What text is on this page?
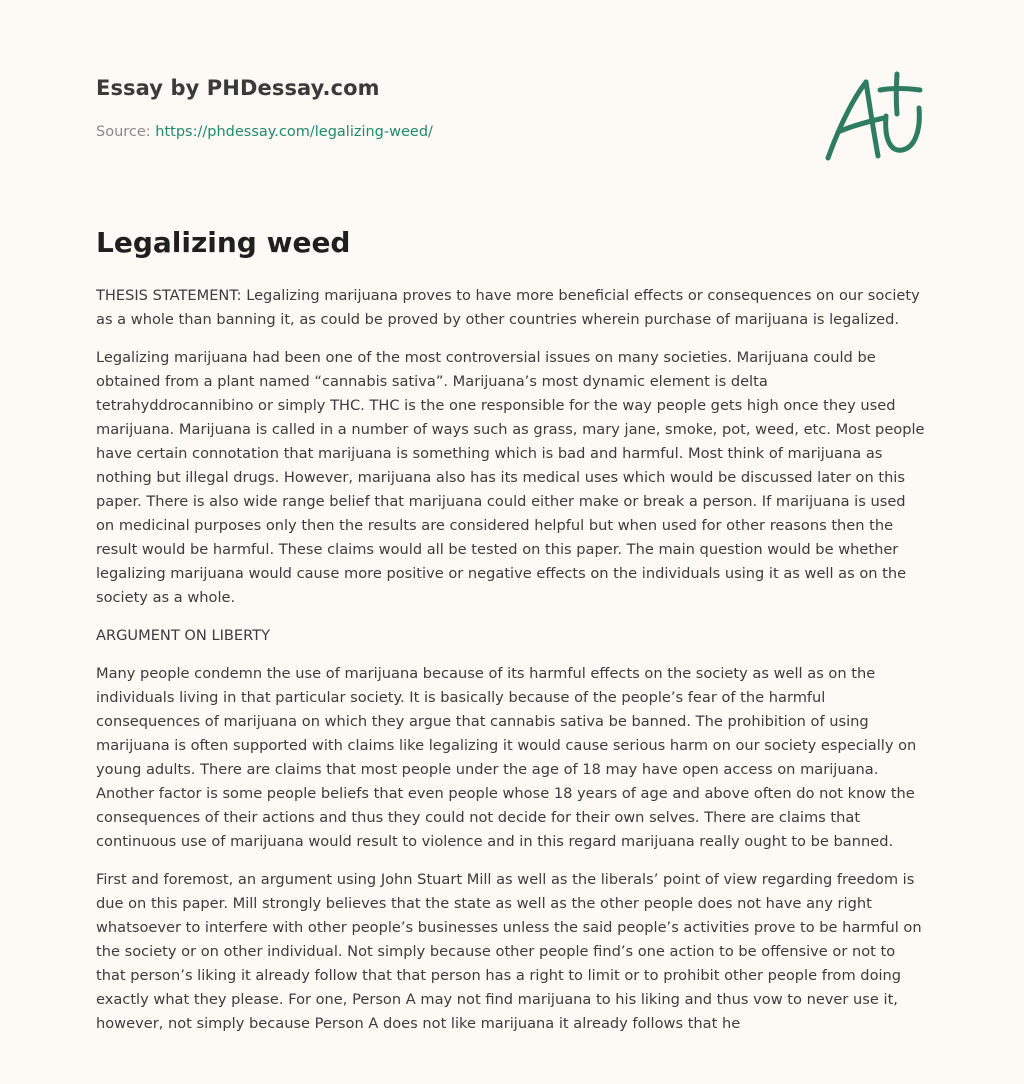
Essay by PHDessay.com

Source: https://phdessay.com/legalizing-weed/

Legalizing weed

THESIS STATEMENT: Legalizing marijuana proves to have more beneficial effects or consequences on our society as a whole than banning it, as could be proved by other countries wherein purchase of marijuana is legalized.

Legalizing marijuana had been one of the most controversial issues on many societies. Marijuana could be obtained from a plant named “cannabis sativa”. Marijuana’s most dynamic element is delta tetrahyddrocannibino or simply THC. THC is the one responsible for the way people gets high once they used marijuana. Marijuana is called in a number of ways such as grass, mary jane, smoke, pot, weed, etc. Most people have certain connotation that marijuana is something which is bad and harmful. Most think of marijuana as nothing but illegal drugs. However, marijuana also has its medical uses which would be discussed later on this paper. There is also wide range belief that marijuana could either make or break a person. If marijuana is used on medicinal purposes only then the results are considered helpful but when used for other reasons then the result would be harmful. These claims would all be tested on this paper. The main question would be whether legalizing marijuana would cause more positive or negative effects on the individuals using it as well as on the society as a whole.

ARGUMENT ON LIBERTY

Many people condemn the use of marijuana because of its harmful effects on the society as well as on the individuals living in that particular society. It is basically because of the people’s fear of the harmful consequences of marijuana on which they argue that cannabis sativa be banned. The prohibition of using marijuana is often supported with claims like legalizing it would cause serious harm on our society especially on young adults. There are claims that most people under the age of 18 may have open access on marijuana. Another factor is some people beliefs that even people whose 18 years of age and above often do not know the consequences of their actions and thus they could not decide for their own selves. There are claims that continuous use of marijuana would result to violence and in this regard marijuana really ought to be banned.

First and foremost, an argument using John Stuart Mill as well as the liberals’ point of view regarding freedom is due on this paper. Mill strongly believes that the state as well as the other people does not have any right whatsoever to interfere with other people’s businesses unless the said people’s activities prove to be harmful on the society or on other individual. Not simply because other people find’s one action to be offensive or not to that person’s liking it already follow that that person has a right to limit or to prohibit other people from doing exactly what they please. For one, Person A may not find marijuana to his liking and thus vow to never use it, however, not simply because Person A does not like marijuana it already follows that he
